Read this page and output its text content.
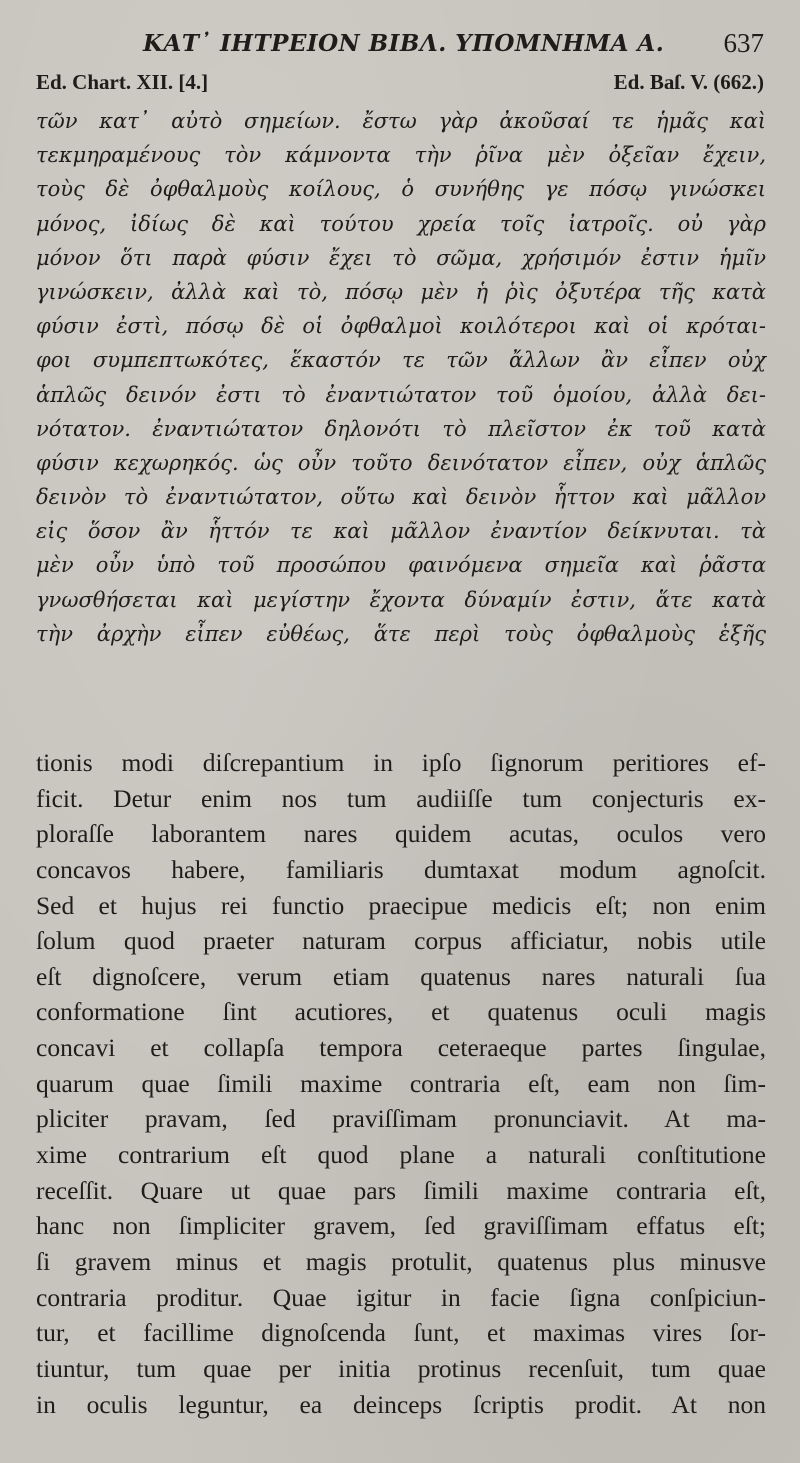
ΚΑΤ᾽ ΙΗΤΡΕΙΟΝ ΒΙΒΛ. ΥΠΟΜΝΗΜΑ Α. 637
Ed. Chart. XII. [4.]	Ed. Baſ. V. (662.)
τῶν κατ᾽ αὐτὸ σημείων. ἔστω γὰρ ἀκοῦσαί τε ἡμᾶς καὶ
τεκμηραμένους τὸν κάμνοντα τὴν ῥῖνα μὲν ὀξεῖαν ἔχειν,
τοὺς δὲ ὀφθαλμοὺς κοίλους, ὁ συνήθης γε πόσῳ γινώσκει
μόνος, ἰδίως δὲ καὶ τούτου χρεία τοῖς ἰατροῖς. οὐ γὰρ
μόνον ὅτι παρὰ φύσιν ἔχει τὸ σῶμα, χρήσιμόν ἐστιν ἡμῖν
γινώσκειν, ἀλλὰ καὶ τὸ, πόσῳ μὲν ἡ ῥὶς ὀξυτέρα τῆς κατὰ
φύσιν ἐστὶ, πόσῳ δὲ οἱ ὀφθαλμοὶ κοιλότεροι καὶ οἱ κρόται-
φοι συμπεπτωκότες, ἕκαστόν τε τῶν ἄλλων ἂν εἶπεν οὐχ
ἁπλῶς δεινόν ἐστι τὸ ἐναντιώτατον τοῦ ὁμοίου, ἀλλὰ δει-
νότατον. ἐναντιώτατον δηλονότι τὸ πλεῖστον ἐκ τοῦ κατὰ
φύσιν κεχωρηκός. ὡς οὖν τοῦτο δεινότατον εἶπεν, οὐχ ἁπλῶς
δεινὸν τὸ ἐναντιώτατον, οὕτω καὶ δεινὸν ἧττον καὶ μᾶλλον
εἰς ὅσον ἂν ἧττόν τε καὶ μᾶλλον ἐναντίον δείκνυται. τὰ
μὲν οὖν ὑπὸ τοῦ προσώπου φαινόμενα σημεῖα καὶ ῥᾶστα
γνωσθήσεται καὶ μεγίστην ἔχοντα δύναμίν ἐστιν, ἅτε κατὰ
τὴν ἀρχὴν εἶπεν εὐθέως, ἅτε περὶ τοὺς ὀφθαλμοὺς ἑξῆς
tionis modi diſcrepantium in ipſo ſignorum peritiores ef-
ficit. Detur enim nos tum audiiſſe tum conjecturis ex-
ploraſſe laborantem nares quidem acutas, oculos vero
concavos habere, familiaris dumtaxat modum agnoſcit.
Sed et hujus rei functio praecipue medicis eſt; non enim
ſolum quod praeter naturam corpus afficiatur, nobis utile
eſt dignoſcere, verum etiam quatenus nares naturali ſua
conformatione ſint acutiores, et quatenus oculi magis
concavi et collapſa tempora ceteraeque partes ſingulae,
quarum quae ſimili maxime contraria eſt, eam non ſim-
pliciter pravam, ſed praviſſimam pronunciavit. At ma-
xime contrarium eſt quod plane a naturali conſtitutione
receſſit. Quare ut quae pars ſimili maxime contraria eſt,
hanc non ſimpliciter gravem, ſed graviſſimam effatus eſt;
ſi gravem minus et magis protulit, quatenus plus minusve
contraria proditur. Quae igitur in facie ſigna conſpiciun-
tur, et facillime dignoſcenda ſunt, et maximas vires ſor-
tiuntur, tum quae per initia protinus recenſuit, tum quae
in oculis leguntur, ea deinceps ſcriptis prodit. At non
